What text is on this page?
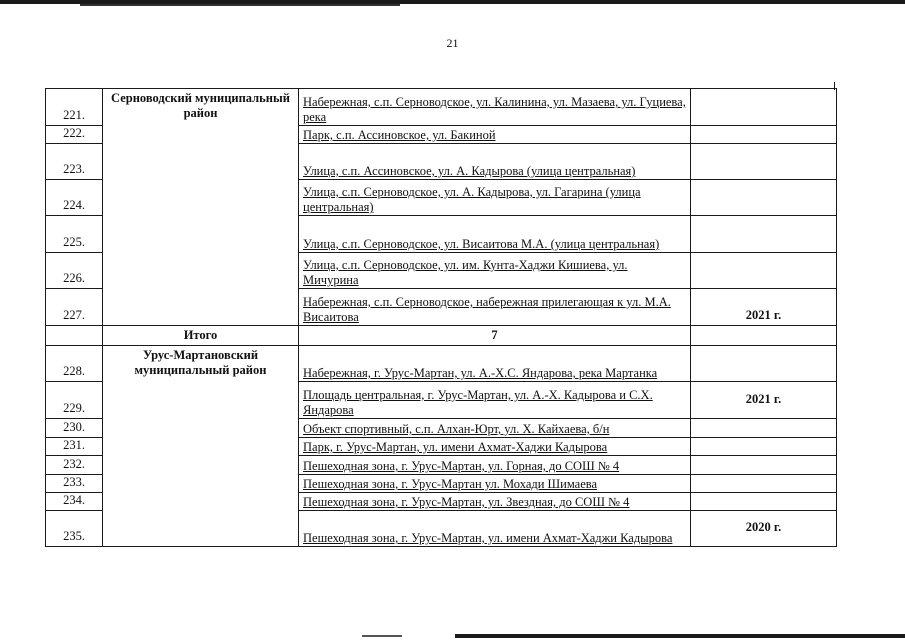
21
221.	Серноводский муниципальный район	Набережная, с.п. Серноводское, ул. Калинина, ул. Мазаева, ул. Гуциева, река	
222.		Парк, с.п. Ассиновское, ул. Бакиной	
223.		Улица, с.п. Ассиновское, ул. А. Кадырова (улица центральная)	
224.		Улица, с.п. Серноводское, ул. А. Кадырова, ул. Гагарина (улица центральная)	
225.		Улица, с.п. Серноводское, ул. Висаитова М.А. (улица центральная)	
226.		Улица, с.п. Серноводское, ул. им. Кунта-Хаджи Кишиева, ул. Мичурина	
227.		Набережная, с.п. Серноводское, набережная прилегающая к ул. М.А. Висаитова	2021 г.
	Итого	7	
228.	Урус-Мартановский муниципальный район	Набережная, г. Урус-Мартан, ул. А.-Х.С. Яндарова, река Мартанка	
229.		Площадь центральная, г. Урус-Мартан, ул. А.-Х. Кадырова и С.Х. Яндарова	2021 г.
230.		Объект спортивный, с.п. Алхан-Юрт, ул. Х. Кайхаева, б/н	
231.		Парк, г. Урус-Мартан, ул. имени Ахмат-Хаджи Кадырова	
232.		Пешеходная зона, г. Урус-Мартан, ул. Горная, до СОШ № 4	
233.		Пешеходная зона, г. Урус-Мартан ул. Мохади Шимаева	
234.		Пешеходная зона, г. Урус-Мартан, ул. Звездная, до СОШ № 4	
235.		Пешеходная зона, г. Урус-Мартан, ул. имени Ахмат-Хаджи Кадырова	2020 г.
